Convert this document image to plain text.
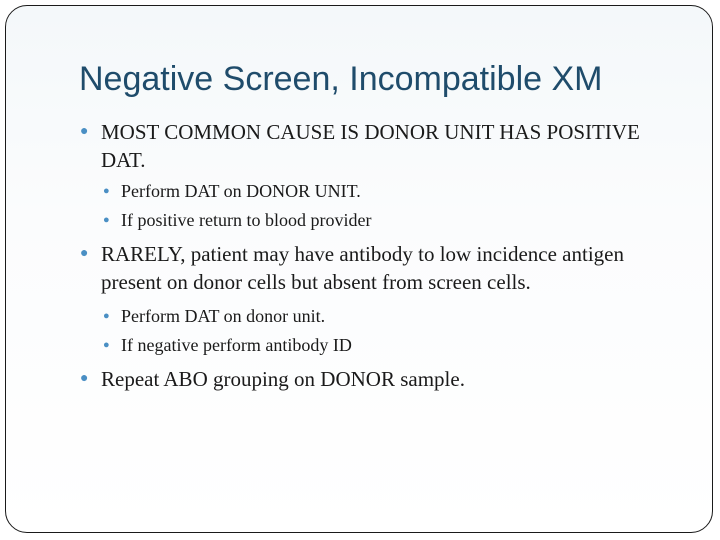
Negative Screen, Incompatible XM
● MOST COMMON CAUSE IS DONOR UNIT HAS POSITIVE DAT.
● Perform DAT on DONOR UNIT.
● If positive return to blood provider
● RARELY, patient may have antibody to low incidence antigen present on donor cells but absent from screen cells.
● Perform DAT on donor unit.
● If negative perform antibody ID
● Repeat ABO grouping on DONOR sample.
